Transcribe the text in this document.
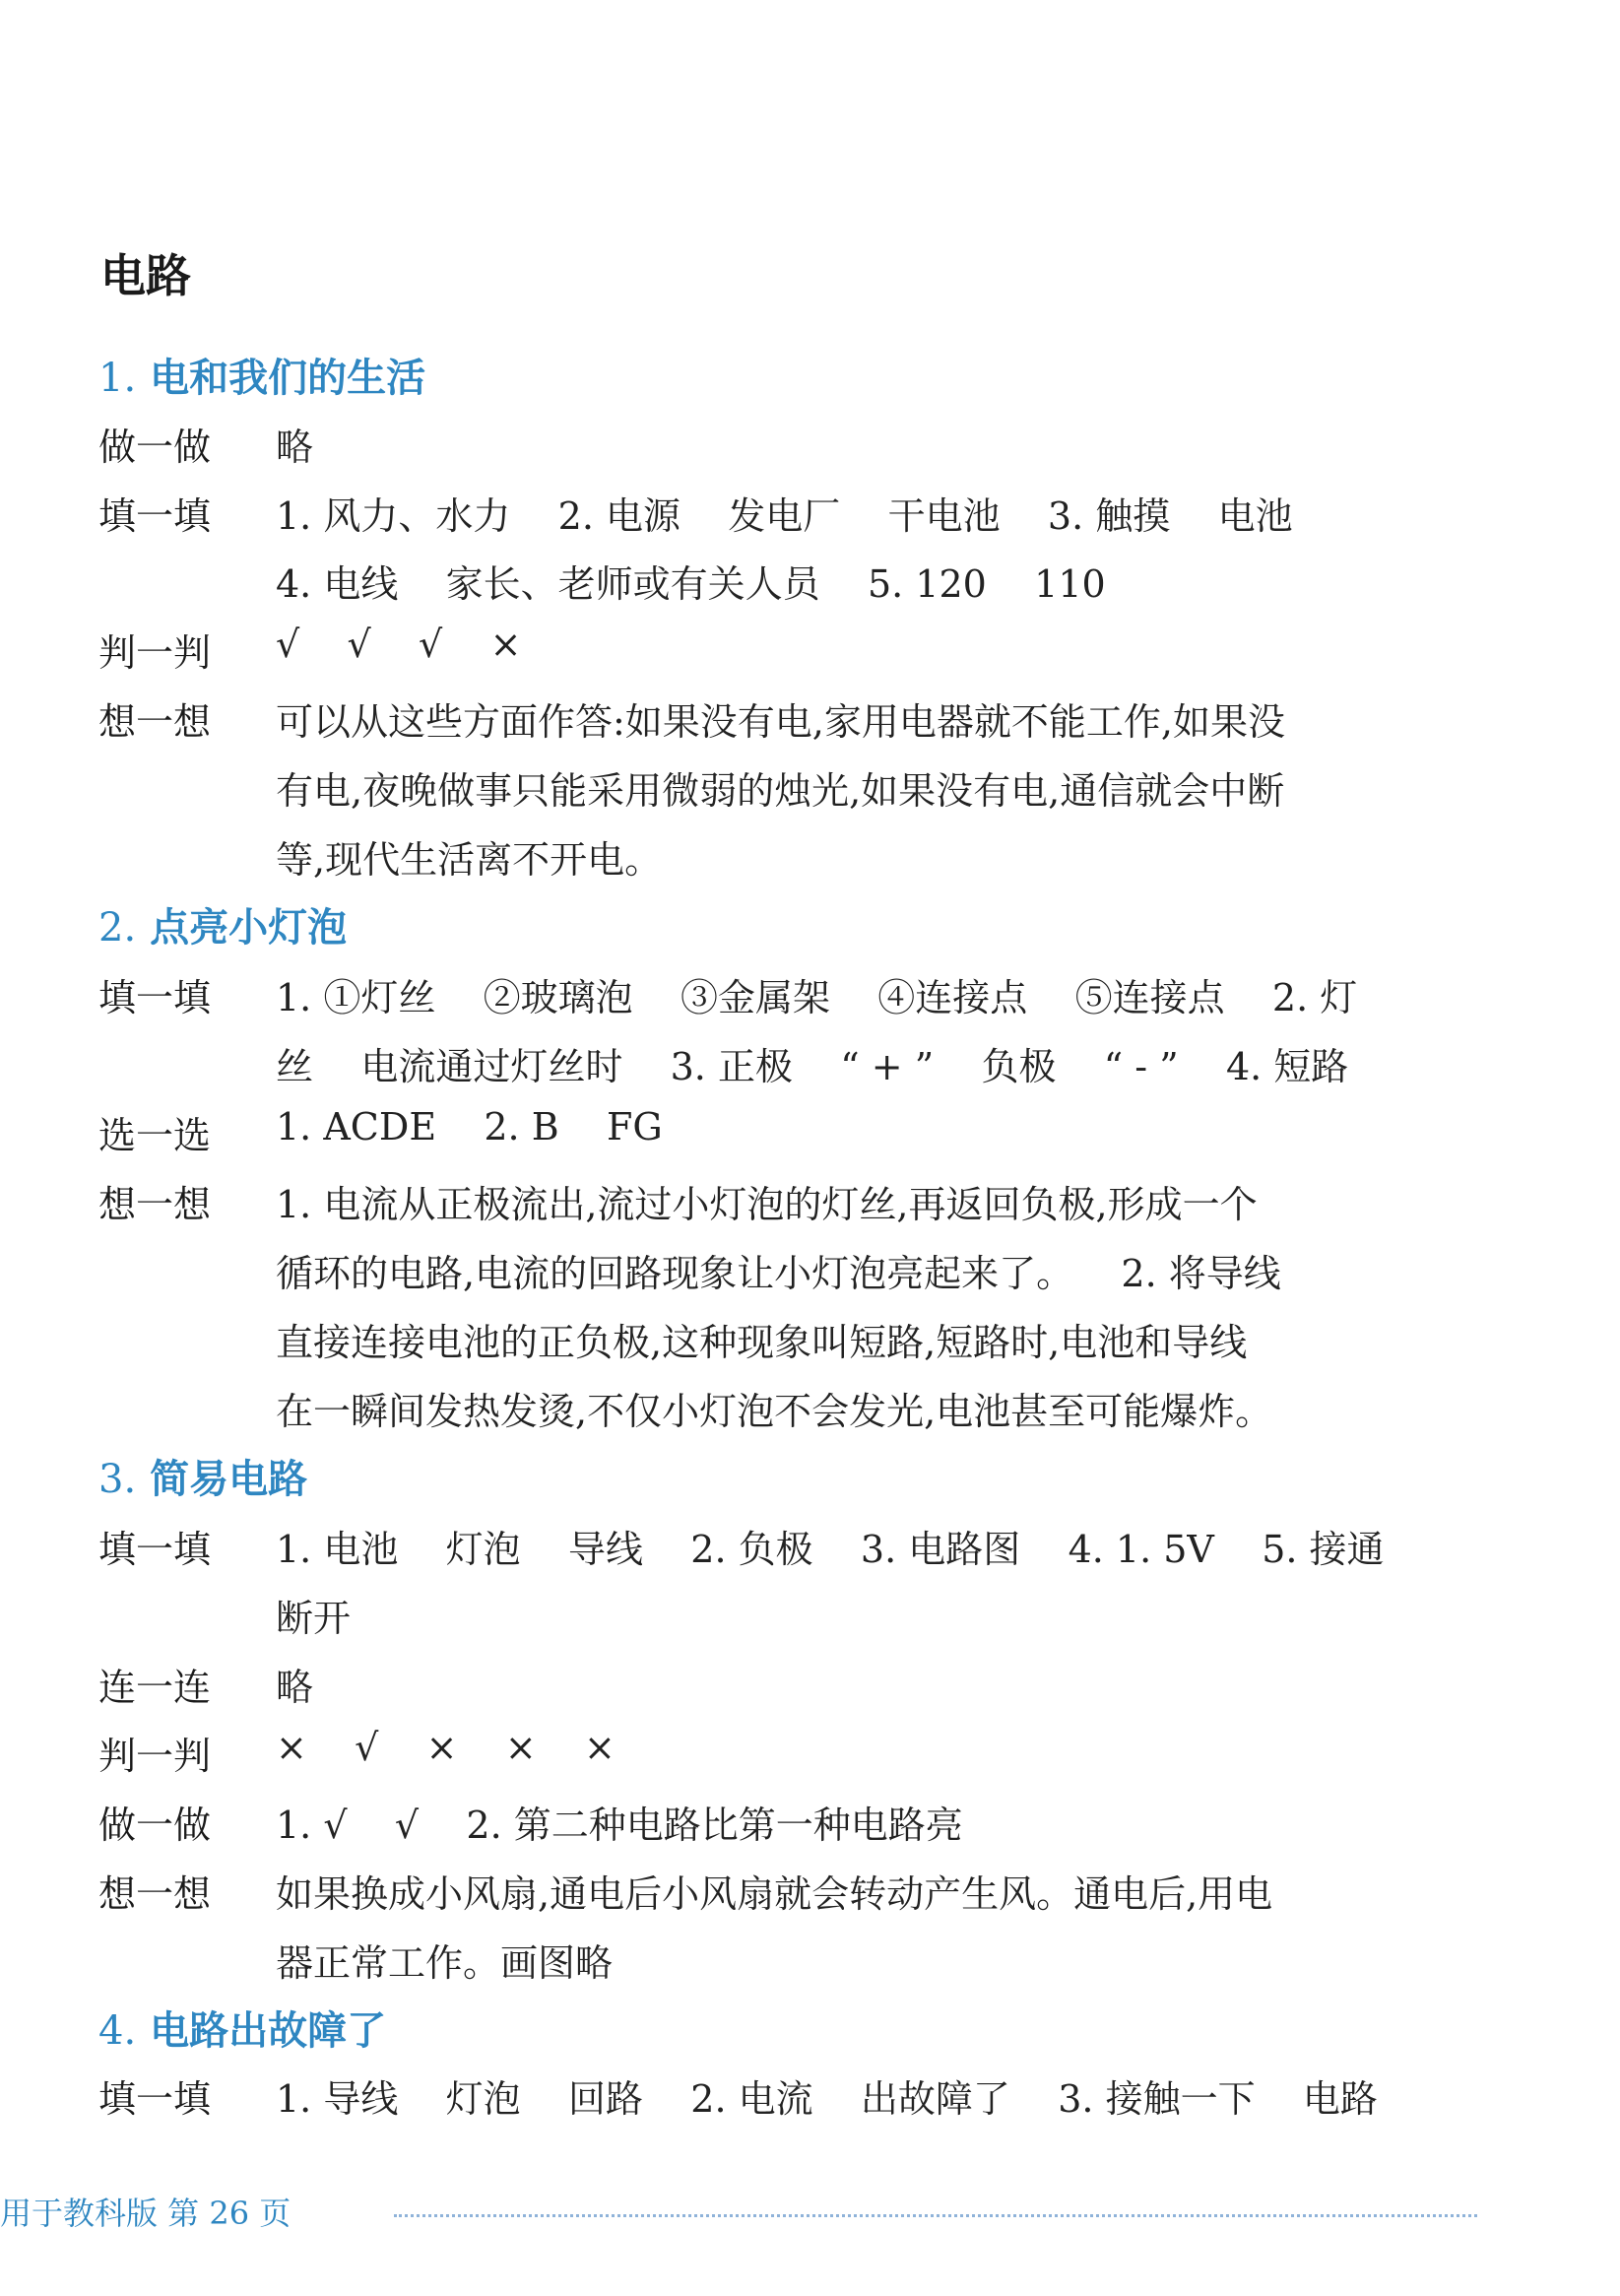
电路
1. 电和我们的生活
做一做 略
填一填 1. 风力、水力    2. 电源    发电厂    干电池    3. 触摸    电池
4. 电线    家长、老师或有关人员    5. 120    110
判一判 √    √    √    ×
想一想 可以从这些方面作答:如果没有电,家用电器就不能工作,如果没
有电,夜晚做事只能采用微弱的烛光,如果没有电,通信就会中断
等,现代生活离不开电。
2. 点亮小灯泡
填一填 1. ①灯丝    ②玻璃泡    ③金属架    ④连接点    ⑤连接点    2. 灯
丝    电流通过灯丝时    3. 正极    “ + ”    负极    “ - ”    4. 短路
选一选 1. ACDE    2. B    FG
想一想 1. 电流从正极流出,流过小灯泡的灯丝,再返回负极,形成一个
循环的电路,电流的回路现象让小灯泡亮起来了。    2. 将导线
直接连接电池的正负极,这种现象叫短路,短路时,电池和导线
在一瞬间发热发烫,不仅小灯泡不会发光,电池甚至可能爆炸。
3. 简易电路
填一填 1. 电池    灯泡    导线    2. 负极    3. 电路图    4. 1. 5V    5. 接通
断开
连一连 略
判一判 ×    √    ×    ×    ×
做一做 1. √    √    2. 第二种电路比第一种电路亮
想一想 如果换成小风扇,通电后小风扇就会转动产生风。通电后,用电
器正常工作。画图略
4. 电路出故障了
填一填 1. 导线    灯泡    回路    2. 电流    出故障了    3. 接触一下    电路
用于教科版 第 26 页
